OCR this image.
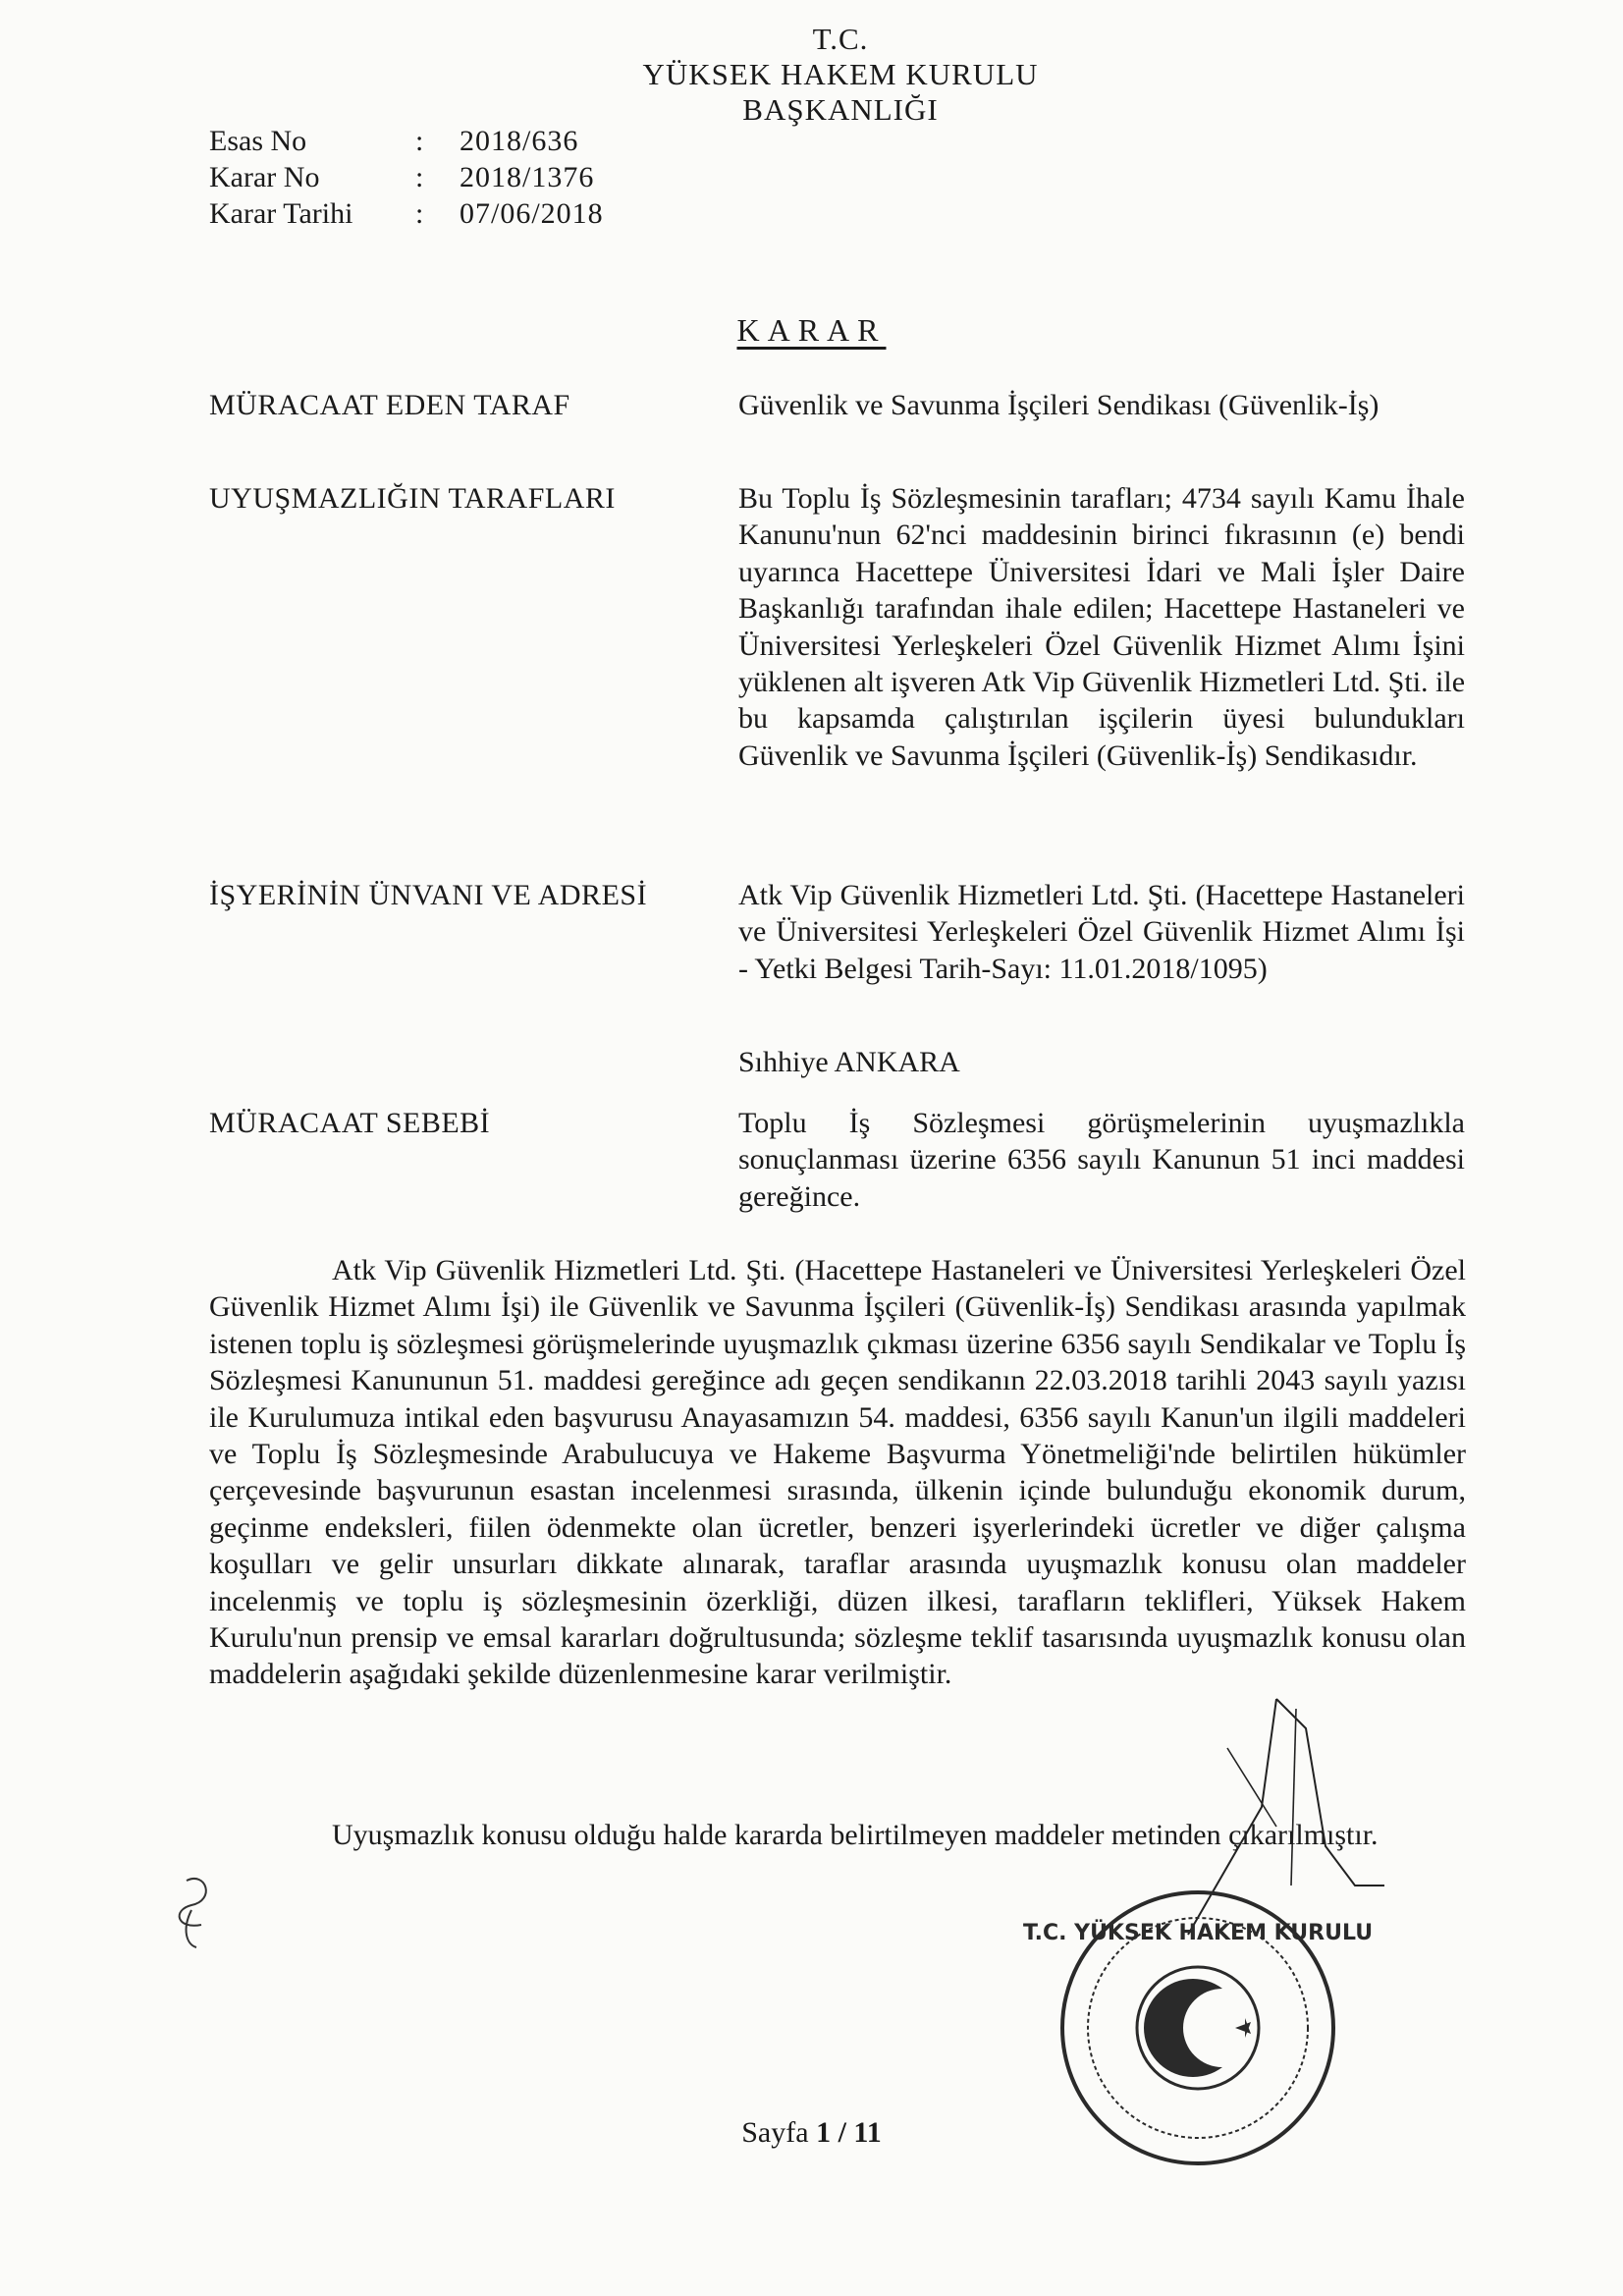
T.C.
YÜKSEK HAKEM KURULU
BAŞKANLIĞI
Esas No	: 2018/636
Karar No	: 2018/1376
Karar Tarihi : 07/06/2018
KARAR
MÜRACAAT EDEN TARAF	Güvenlik ve Savunma İşçileri Sendikası (Güvenlik-İş)
UYUŞMAZLIĞIN TARAFLARI	Bu Toplu İş Sözleşmesinin tarafları; 4734 sayılı Kamu İhale Kanunu'nun 62'nci maddesinin birinci fıkrasının (e) bendi uyarınca Hacettepe Üniversitesi İdari ve Mali İşler Daire Başkanlığı tarafından ihale edilen; Hacettepe Hastaneleri ve Üniversitesi Yerleşkeleri Özel Güvenlik Hizmet Alımı İşini yüklenen alt işveren Atk Vip Güvenlik Hizmetleri Ltd. Şti. ile bu kapsamda çalıştırılan işçilerin üyesi bulundukları Güvenlik ve Savunma İşçileri (Güvenlik-İş) Sendikasıdır.
İŞYERİNİN ÜNVANI VE ADRESİ	Atk Vip Güvenlik Hizmetleri Ltd. Şti. (Hacettepe Hastaneleri ve Üniversitesi Yerleşkeleri Özel Güvenlik Hizmet Alımı İşi - Yetki Belgesi Tarih-Sayı: 11.01.2018/1095)
Sıhhiye ANKARA
MÜRACAAT SEBEBİ	Toplu İş Sözleşmesi görüşmelerinin uyuşmazlıkla sonuçlanması üzerine 6356 sayılı Kanunun 51 inci maddesi gereğince.
Atk Vip Güvenlik Hizmetleri Ltd. Şti. (Hacettepe Hastaneleri ve Üniversitesi Yerleşkeleri Özel Güvenlik Hizmet Alımı İşi) ile Güvenlik ve Savunma İşçileri (Güvenlik-İş) Sendikası arasında yapılmak istenen toplu iş sözleşmesi görüşmelerinde uyuşmazlık çıkması üzerine 6356 sayılı Sendikalar ve Toplu İş Sözleşmesi Kanununun 51. maddesi gereğince adı geçen sendikanın 22.03.2018 tarihli 2043 sayılı yazısı ile Kurulumuza intikal eden başvurusu Anayasamızın 54. maddesi, 6356 sayılı Kanun'un ilgili maddeleri ve Toplu İş Sözleşmesinde Arabulucuya ve Hakeme Başvurma Yönetmeliği'nde belirtilen hükümler çerçevesinde başvurunun esastan incelenmesi sırasında, ülkenin içinde bulunduğu ekonomik durum, geçinme endeksleri, fiilen ödenmekte olan ücretler, benzeri işyerlerindeki ücretler ve diğer çalışma koşulları ve gelir unsurları dikkate alınarak, taraflar arasında uyuşmazlık konusu olan maddeler incelenmiş ve toplu iş sözleşmesinin özerkliği, düzen ilkesi, tarafların teklifleri, Yüksek Hakem Kurulu'nun prensip ve emsal kararları doğrultusunda; sözleşme teklif tasarısında uyuşmazlık konusu olan maddelerin aşağıdaki şekilde düzenlenmesine karar verilmiştir.
Uyuşmazlık konusu olduğu halde kararda belirtilmeyen maddeler metinden çıkarılmıştır.
T.C. YÜKSEK HAKEM KURULU
Sayfa 1 / 11
